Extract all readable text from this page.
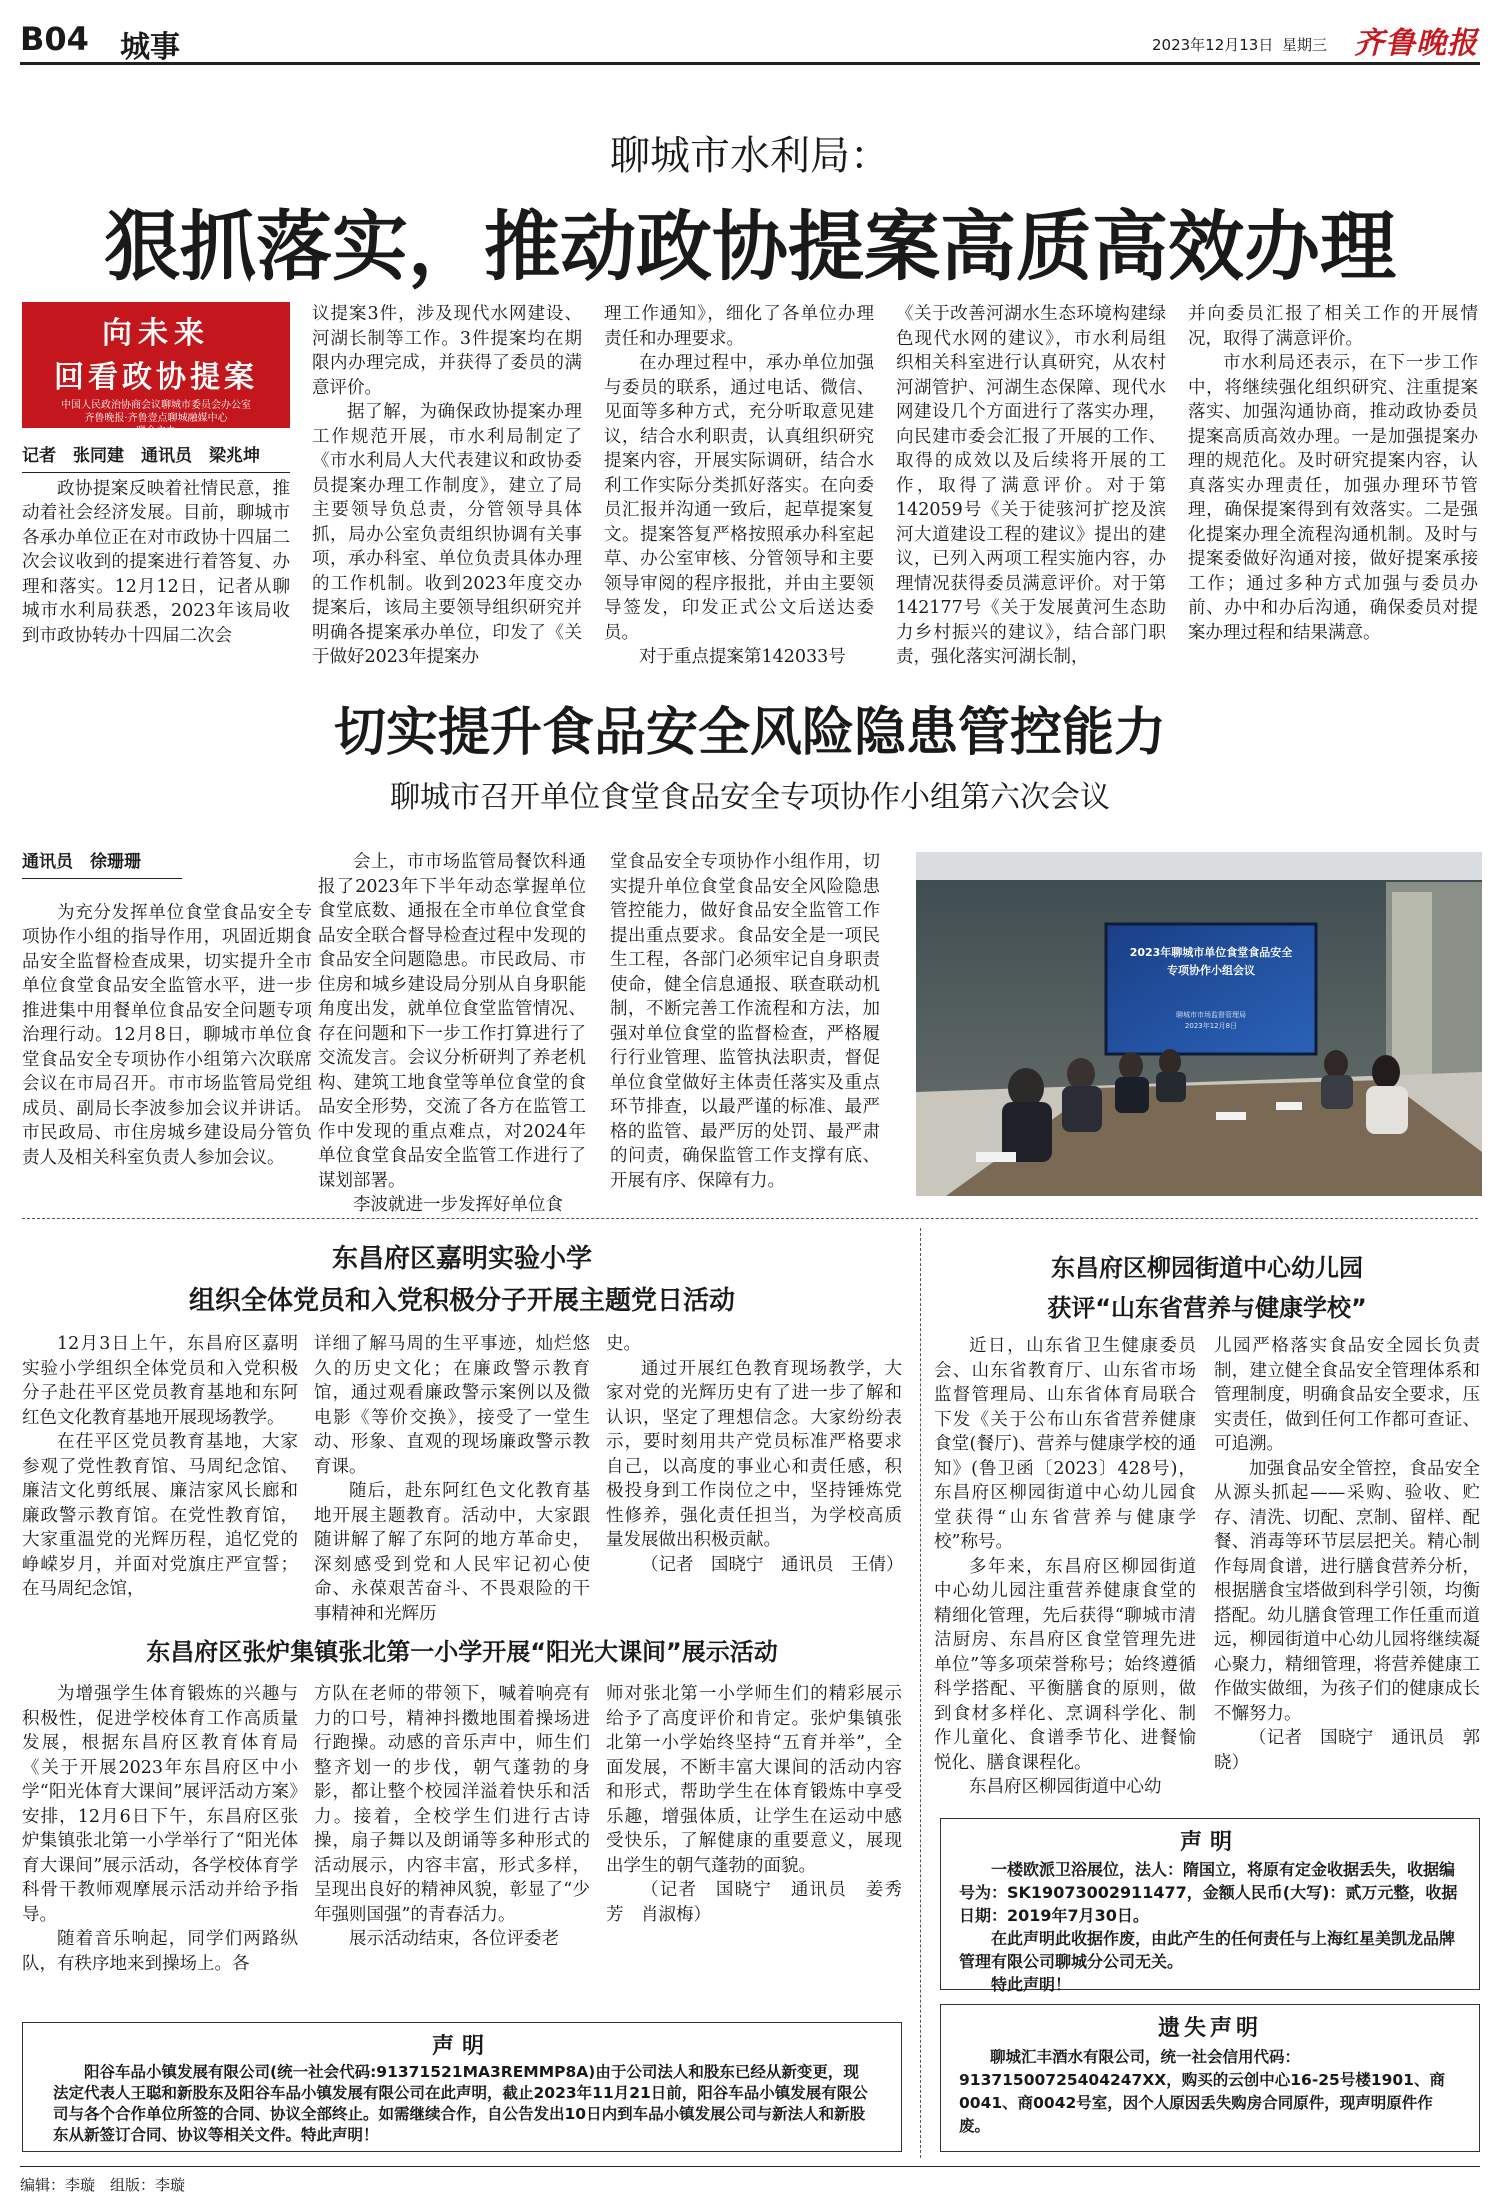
B04 城事	2023年12月13日 星期三 齐鲁晚报
聊城市水利局：
狠抓落实，推动政协提案高质高效办理
向未来
回看政协提案
中国人民政治协商会议聊城市委员会办公室
齐鲁晚报·齐鲁壹点聊城融媒中心
联合主办
记者　张同建　通讯员　梁兆坤

政协提案反映着社情民意，推动着社会经济发展。目前，聊城市各承办单位正在对市政协十四届二次会议收到的提案进行着答复、办理和落实。12月12日，记者从聊城市水利局获悉，2023年该局收到市政协转办十四届二次会

议提案3件，涉及现代水网建设、河湖长制等工作。3件提案均在期限内办理完成，并获得了委员的满意评价。

据了解，为确保政协提案办理工作规范开展，市水利局制定了《市水利局人大代表建议和政协委员提案办理工作制度》，建立了局主要领导负总责，分管领导具体抓，局办公室负责组织协调有关事项，承办科室、单位负责具体办理的工作机制。收到2023年度交办提案后，该局主要领导组织研究并明确各提案承办单位，印发了《关于做好2023年提案办

理工作通知》，细化了各单位办理责任和办理要求。

在办理过程中，承办单位加强与委员的联系，通过电话、微信、见面等多种方式，充分听取意见建议，结合水利职责，认真组织研究提案内容，开展实际调研，结合水利工作实际分类抓好落实。在向委员汇报并沟通一致后，起草提案复文。提案答复严格按照承办科室起草、办公室审核、分管领导和主要领导审阅的程序报批，并由主要领导签发，印发正式公文后送达委员。

对于重点提案第142033号

《关于改善河湖水生态环境构建绿色现代水网的建议》，市水利局组织相关科室进行认真研究，从农村河湖管护、河湖生态保障、现代水网建设几个方面进行了落实办理，向民建市委会汇报了开展的工作、取得的成效以及后续将开展的工作，取得了满意评价。对于第142059号《关于徒骇河扩挖及滨河大道建设工程的建议》提出的建议，已列入两项工程实施内容，办理情况获得委员满意评价。对于第142177号《关于发展黄河生态助力乡村振兴的建议》，结合部门职责，强化落实河湖长制，

并向委员汇报了相关工作的开展情况，取得了满意评价。

市水利局还表示，在下一步工作中，将继续强化组织研究、注重提案落实、加强沟通协商，推动政协委员提案高质高效办理。一是加强提案办理的规范化。及时研究提案内容，认真落实办理责任，加强办理环节管理，确保提案得到有效落实。二是强化提案办理全流程沟通机制。及时与提案委做好沟通对接，做好提案承接工作；通过多种方式加强与委员办前、办中和办后沟通，确保委员对提案办理过程和结果满意。

切实提升食品安全风险隐患管控能力
聊城市召开单位食堂食品安全专项协作小组第六次会议
通讯员　徐珊珊

为充分发挥单位食堂食品安全专项协作小组的指导作用，巩固近期食品安全监督检查成果，切实提升全市单位食堂食品安全监管水平，进一步推进集中用餐单位食品安全问题专项治理行动。12月8日，聊城市单位食堂食品安全专项协作小组第六次联席会议在市局召开。市市场监管局党组成员、副局长李波参加会议并讲话。市民政局、市住房城乡建设局分管负责人及相关科室负责人参加会议。

会上，市市场监管局餐饮科通报了2023年下半年动态掌握单位食堂底数、通报在全市单位食堂食品安全联合督导检查过程中发现的食品安全问题隐患。市民政局、市住房和城乡建设局分别从自身职能角度出发，就单位食堂监管情况、存在问题和下一步工作打算进行了交流发言。会议分析研判了养老机构、建筑工地食堂等单位食堂的食品安全形势，交流了各方在监管工作中发现的重点难点，对2024年单位食堂食品安全监管工作进行了谋划部署。

李波就进一步发挥好单位食

堂食品安全专项协作小组作用，切实提升单位食堂食品安全风险隐患管控能力，做好食品安全监管工作提出重点要求。食品安全是一项民生工程，各部门必须牢记自身职责使命，健全信息通报、联查联动机制，不断完善工作流程和方法，加强对单位食堂的监督检查，严格履行行业管理、监管执法职责，督促单位食堂做好主体责任落实及重点环节排查，以最严谨的标准、最严格的监管、最严厉的处罚、最严肃的问责，确保监管工作支撑有底、开展有序、保障有力。

2023年聊城市单位食堂食品安全
专项协作小组会议
聊城市市场监督管理局
2023年12月8日
东昌府区嘉明实验小学
组织全体党员和入党积极分子开展主题党日活动

12月3日上午，东昌府区嘉明实验小学组织全体党员和入党积极分子赴茌平区党员教育基地和东阿红色文化教育基地开展现场教学。

在茌平区党员教育基地，大家参观了党性教育馆、马周纪念馆、廉洁文化剪纸展、廉洁家风长廊和廉政警示教育馆。在党性教育馆，大家重温党的光辉历程，追忆党的峥嵘岁月，并面对党旗庄严宣誓；在马周纪念馆，

详细了解马周的生平事迹，灿烂悠久的历史文化；在廉政警示教育馆，通过观看廉政警示案例以及微电影《等价交换》，接受了一堂生动、形象、直观的现场廉政警示教育课。

随后，赴东阿红色文化教育基地开展主题教育。活动中，大家跟随讲解了解了东阿的地方革命史，深刻感受到党和人民牢记初心使命、永葆艰苦奋斗、不畏艰险的干事精神和光辉历

史。

通过开展红色教育现场教学，大家对党的光辉历史有了进一步了解和认识，坚定了理想信念。大家纷纷表示，要时刻用共产党员标准严格要求自己，以高度的事业心和责任感，积极投身到工作岗位之中，坚持锤炼党性修养，强化责任担当，为学校高质量发展做出积极贡献。

（记者　国晓宁　通讯员　王倩）

东昌府区张炉集镇张北第一小学开展“阳光大课间”展示活动

为增强学生体育锻炼的兴趣与积极性，促进学校体育工作高质量发展，根据东昌府区教育体育局《关于开展2023年东昌府区中小学“阳光体育大课间”展评活动方案》安排，12月6日下午，东昌府区张炉集镇张北第一小学举行了“阳光体育大课间”展示活动，各学校体育学科骨干教师观摩展示活动并给予指导。

随着音乐响起，同学们两路纵队，有秩序地来到操场上。各

方队在老师的带领下，喊着响亮有力的口号，精神抖擞地围着操场进行跑操。动感的音乐声中，师生们整齐划一的步伐，朝气蓬勃的身影，都让整个校园洋溢着快乐和活力。接着，全校学生们进行古诗操，扇子舞以及朗诵等多种形式的活动展示，内容丰富，形式多样，呈现出良好的精神风貌，彰显了“少年强则国强”的青春活力。

展示活动结束，各位评委老

师对张北第一小学师生们的精彩展示给予了高度评价和肯定。张炉集镇张北第一小学始终坚持“五育并举”，全面发展，不断丰富大课间的活动内容和形式，帮助学生在体育锻炼中享受乐趣，增强体质，让学生在运动中感受快乐，了解健康的重要意义，展现出学生的朝气蓬勃的面貌。

（记者　国晓宁　通讯员　姜秀芳　肖淑梅）

东昌府区柳园街道中心幼儿园
获评“山东省营养与健康学校”

近日，山东省卫生健康委员会、山东省教育厅、山东省市场监督管理局、山东省体育局联合下发《关于公布山东省营养健康食堂(餐厅)、营养与健康学校的通知》(鲁卫函〔2023〕428号)，东昌府区柳园街道中心幼儿园食堂获得“山东省营养与健康学校”称号。

多年来，东昌府区柳园街道中心幼儿园注重营养健康食堂的精细化管理，先后获得“聊城市清洁厨房、东昌府区食堂管理先进单位”等多项荣誉称号；始终遵循科学搭配、平衡膳食的原则，做到食材多样化、烹调科学化、制作儿童化、食谱季节化、进餐愉悦化、膳食课程化。

东昌府区柳园街道中心幼

儿园严格落实食品安全园长负责制，建立健全食品安全管理体系和管理制度，明确食品安全要求，压实责任，做到任何工作都可查证、可追溯。

加强食品安全管控，食品安全从源头抓起——采购、验收、贮存、清洗、切配、烹制、留样、配餐、消毒等环节层层把关。精心制作每周食谱，进行膳食营养分析，根据膳食宝塔做到科学引领，均衡搭配。幼儿膳食管理工作任重而道远，柳园街道中心幼儿园将继续凝心聚力，精细管理，将营养健康工作做实做细，为孩子们的健康成长不懈努力。

（记者　国晓宁　通讯员　郭晓）

声明
阳谷车品小镇发展有限公司(统一社会代码:91371521MA3REMMP8A)由于公司法人和股东已经从新变更，现法定代表人王聪和新股东及阳谷车品小镇发展有限公司在此声明，截止2023年11月21日前，阳谷车品小镇发展有限公司与各个合作单位所签的合同、协议全部终止。如需继续合作，自公告发出10日内到车品小镇发展公司与新法人和新股东从新签订合同、协议等相关文件。特此声明！
声明
一楼欧派卫浴展位，法人：隋国立，将原有定金收据丢失，收据编号为：SK19073002911477，金额人民币(大写)：贰万元整，收据日期：2019年7月30日。
在此声明此收据作废，由此产生的任何责任与上海红星美凯龙品牌管理有限公司聊城分公司无关。
特此声明！
遗失声明
聊城汇丰酒水有限公司，统一社会信用代码：91371500725404247XX，购买的云创中心16-25号楼1901、商0041、商0042号室，因个人原因丢失购房合同原件，现声明原件作废。
编辑：李璇　组版：李璇
